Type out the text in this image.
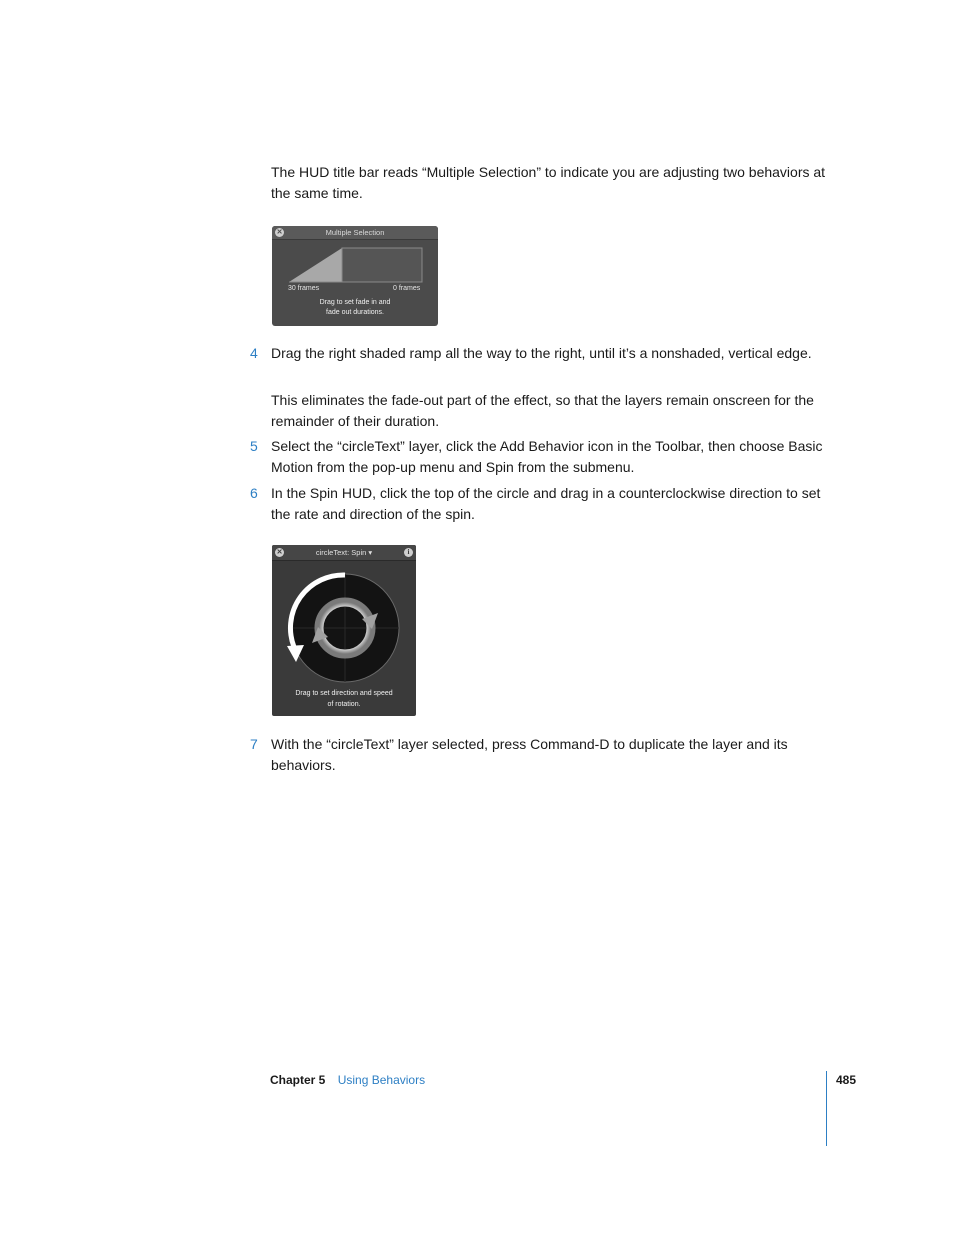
The HUD title bar reads “Multiple Selection” to indicate you are adjusting two behaviors at the same time.

Multiple Selection
✕
30 frames	0 frames
Drag to set fade in and
fade out durations.
4 Drag the right shaded ramp all the way to the right, until it’s a nonshaded, vertical edge.

This eliminates the fade-out part of the effect, so that the layers remain onscreen for the remainder of their duration.

5 Select the “circleText” layer, click the Add Behavior icon in the Toolbar, then choose Basic Motion from the pop-up menu and Spin from the submenu.
6 In the Spin HUD, click the top of the circle and drag in a counterclockwise direction to set the rate and direction of the spin.
circleText: Spin ▾
✕	i
Drag to set direction and speed
of rotation.
7 With the “circleText” layer selected, press Command-D to duplicate the layer and its behaviors.
Chapter 5 Using Behaviors	485
